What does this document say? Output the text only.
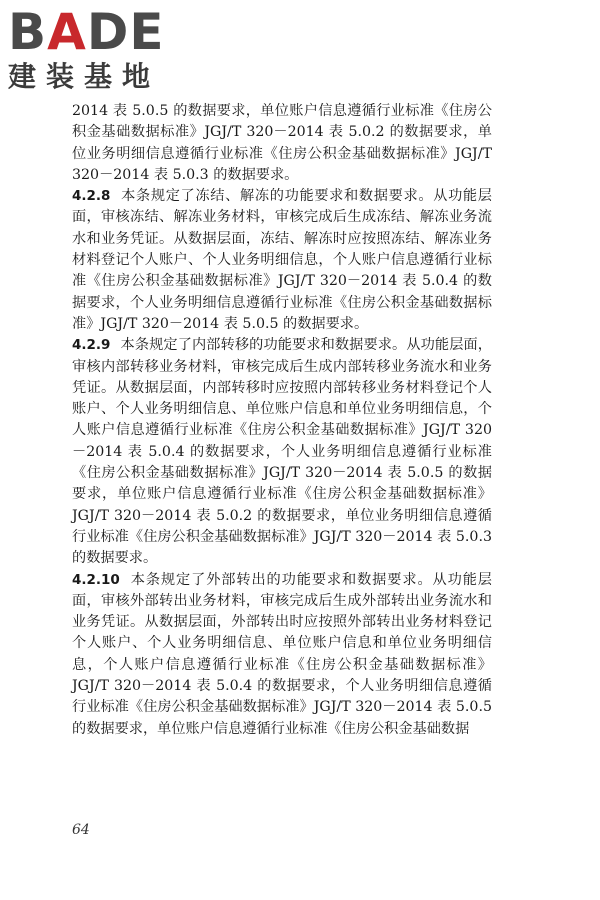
BADE
建装基地

2014 表 5.0.5 的数据要求，单位账户信息遵循行业标准《住房公积金基础数据标准》JGJ/T 320－2014 表 5.0.2 的数据要求，单位业务明细信息遵循行业标准《住房公积金基础数据标准》JGJ/T 320－2014 表 5.0.3 的数据要求。

4.2.8 本条规定了冻结、解冻的功能要求和数据要求。从功能层面，审核冻结、解冻业务材料，审核完成后生成冻结、解冻业务流水和业务凭证。从数据层面，冻结、解冻时应按照冻结、解冻业务材料登记个人账户、个人业务明细信息，个人账户信息遵循行业标准《住房公积金基础数据标准》JGJ/T 320－2014 表 5.0.4 的数据要求，个人业务明细信息遵循行业标准《住房公积金基础数据标准》JGJ/T 320－2014 表 5.0.5 的数据要求。

4.2.9 本条规定了内部转移的功能要求和数据要求。从功能层面，审核内部转移业务材料，审核完成后生成内部转移业务流水和业务凭证。从数据层面，内部转移时应按照内部转移业务材料登记个人账户、个人业务明细信息、单位账户信息和单位业务明细信息，个人账户信息遵循行业标准《住房公积金基础数据标准》JGJ/T 320－2014 表 5.0.4 的数据要求，个人业务明细信息遵循行业标准《住房公积金基础数据标准》JGJ/T 320－2014 表 5.0.5 的数据要求，单位账户信息遵循行业标准《住房公积金基础数据标准》JGJ/T 320－2014 表 5.0.2 的数据要求，单位业务明细信息遵循行业标准《住房公积金基础数据标准》JGJ/T 320－2014 表 5.0.3 的数据要求。

4.2.10 本条规定了外部转出的功能要求和数据要求。从功能层面，审核外部转出业务材料，审核完成后生成外部转出业务流水和业务凭证。从数据层面，外部转出时应按照外部转出业务材料登记个人账户、个人业务明细信息、单位账户信息和单位业务明细信息，个人账户信息遵循行业标准《住房公积金基础数据标准》JGJ/T 320－2014 表 5.0.4 的数据要求，个人业务明细信息遵循行业标准《住房公积金基础数据标准》JGJ/T 320－2014 表 5.0.5 的数据要求，单位账户信息遵循行业标准《住房公积金基础数据

64
